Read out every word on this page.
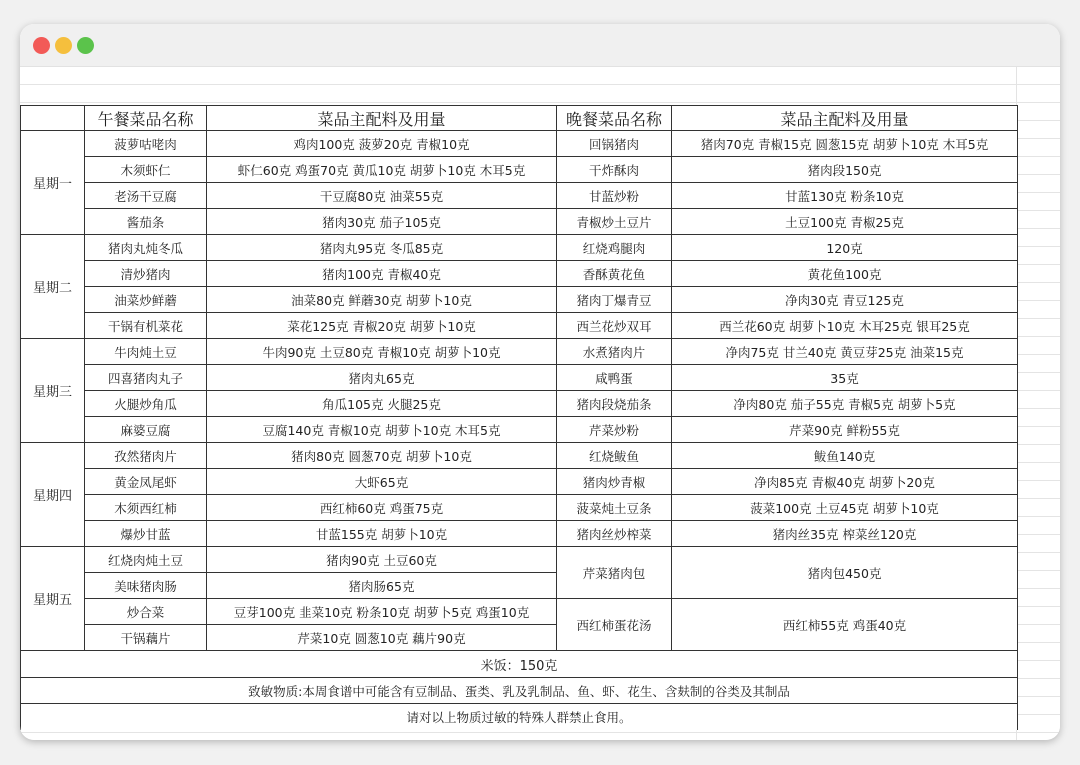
	午餐菜品名称	菜品主配料及用量	晚餐菜品名称	菜品主配料及用量
星期一	菠萝咕咾肉	鸡肉100克 菠萝20克 青椒10克	回锅猪肉	猪肉70克 青椒15克 圆葱15克 胡萝卜10克 木耳5克
	木须虾仁	虾仁60克 鸡蛋70克 黄瓜10克 胡萝卜10克 木耳5克	干炸酥肉	猪肉段150克
	老汤干豆腐	干豆腐80克 油菜55克	甘蓝炒粉	甘蓝130克 粉条10克
	酱茄条	猪肉30克 茄子105克	青椒炒土豆片	土豆100克 青椒25克
星期二	猪肉丸炖冬瓜	猪肉丸95克 冬瓜85克	红烧鸡腿肉	120克
	清炒猪肉	猪肉100克 青椒40克	香酥黄花鱼	黄花鱼100克
	油菜炒鲜蘑	油菜80克 鲜蘑30克 胡萝卜10克	猪肉丁爆青豆	净肉30克 青豆125克
	干锅有机菜花	菜花125克 青椒20克 胡萝卜10克	西兰花炒双耳	西兰花60克 胡萝卜10克 木耳25克 银耳25克
星期三	牛肉炖土豆	牛肉90克 土豆80克 青椒10克 胡萝卜10克	水煮猪肉片	净肉75克 甘兰40克 黄豆芽25克 油菜15克
	四喜猪肉丸子	猪肉丸65克	咸鸭蛋	35克
	火腿炒角瓜	角瓜105克 火腿25克	猪肉段烧茄条	净肉80克 茄子55克 青椒5克 胡萝卜5克
	麻婆豆腐	豆腐140克 青椒10克 胡萝卜10克 木耳5克	芹菜炒粉	芹菜90克 鲜粉55克
星期四	孜然猪肉片	猪肉80克 圆葱70克 胡萝卜10克	红烧鲅鱼	鲅鱼140克
	黄金凤尾虾	大虾65克	猪肉炒青椒	净肉85克 青椒40克 胡萝卜20克
	木须西红柿	西红柿60克 鸡蛋75克	菠菜炖土豆条	菠菜100克 土豆45克 胡萝卜10克
	爆炒甘蓝	甘蓝155克 胡萝卜10克	猪肉丝炒榨菜	猪肉丝35克 榨菜丝120克
星期五	红烧肉炖土豆	猪肉90克 土豆60克	芹菜猪肉包	猪肉包450克
	美味猪肉肠	猪肉肠65克		
	炒合菜	豆芽100克 韭菜10克 粉条10克 胡萝卜5克 鸡蛋10克	西红柿蛋花汤	西红柿55克 鸡蛋40克
	干锅藕片	芹菜10克 圆葱10克 藕片90克		
米饭：150克				
致敏物质:本周食谱中可能含有豆制品、蛋类、乳及乳制品、鱼、虾、花生、含麸制的谷类及其制品				
请对以上物质过敏的特殊人群禁止食用。				
